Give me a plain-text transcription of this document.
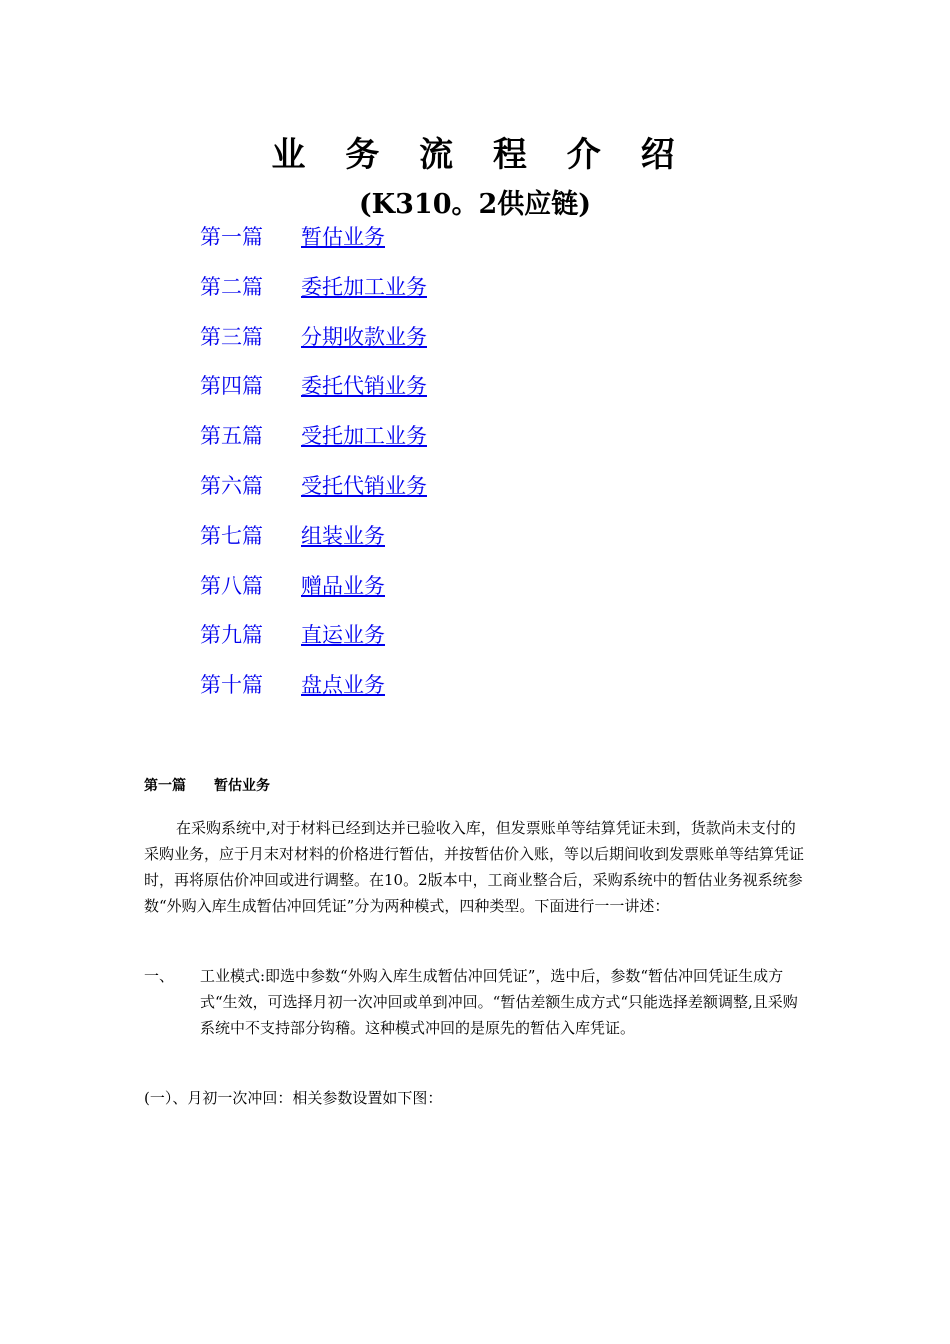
业 务 流 程 介 绍
(K310。2供应链)
第一篇 暂估业务
第二篇 委托加工业务
第三篇 分期收款业务
第四篇 委托代销业务
第五篇 受托加工业务
第六篇 受托代销业务
第七篇 组装业务
第八篇 赠品业务
第九篇 直运业务
第十篇 盘点业务
第一篇 暂估业务

在采购系统中,对于材料已经到达并已验收入库，但发票账单等结算凭证未到，货款尚未支付的采购业务，应于月末对材料的价格进行暂估，并按暂估价入账，等以后期间收到发票账单等结算凭证时，再将原估价冲回或进行调整。在10。2版本中，工商业整合后，采购系统中的暂估业务视系统参数“外购入库生成暂估冲回凭证”分为两种模式，四种类型。下面进行一一讲述：

一、 工业模式:即选中参数“外购入库生成暂估冲回凭证”，选中后，参数“暂估冲回凭证生成方式“生效，可选择月初一次冲回或单到冲回。“暂估差额生成方式“只能选择差额调整,且采购系统中不支持部分钩稽。这种模式冲回的是原先的暂估入库凭证。

(一）、月初一次冲回：相关参数设置如下图：
